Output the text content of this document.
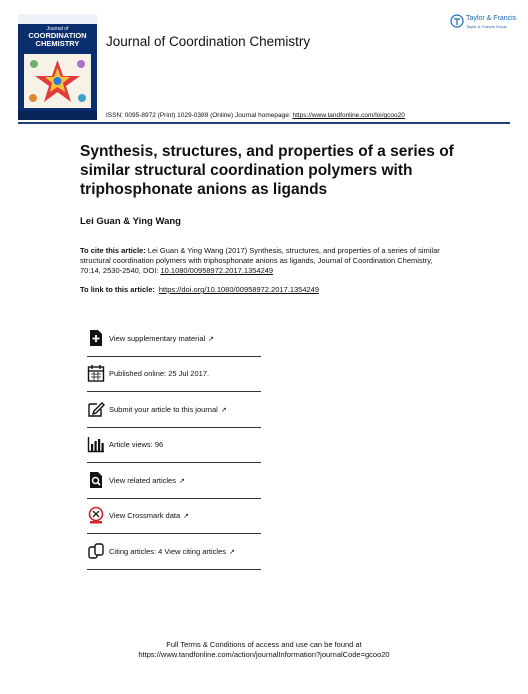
Journal of
COORDINATION
CHEMISTRY	Journal of Coordination Chemistry
Taylor & Francis
Taylor & Francis Group
ISSN: 0095-8972 (Print) 1029-0389 (Online) Journal homepage: https://www.tandfonline.com/loi/gcoo20
Synthesis, structures, and properties of a series of similar structural coordination polymers with triphosphonate anions as ligands
Lei Guan & Ying Wang
To cite this article: Lei Guan & Ying Wang (2017) Synthesis, structures, and properties of a series of similar structural coordination polymers with triphosphonate anions as ligands, Journal of Coordination Chemistry, 70:14, 2530-2540, DOI: 10.1080/00958972.2017.1354249
To link to this article: https://doi.org/10.1080/00958972.2017.1354249
View supplementary material ↗
Published online: 25 Jul 2017.
Submit your article to this journal ↗
Article views: 96
View related articles ↗
View Crossmark data ↗
Citing articles: 4 View citing articles ↗
Full Terms & Conditions of access and use can be found at
https://www.tandfonline.com/action/journalInformation?journalCode=gcoo20
